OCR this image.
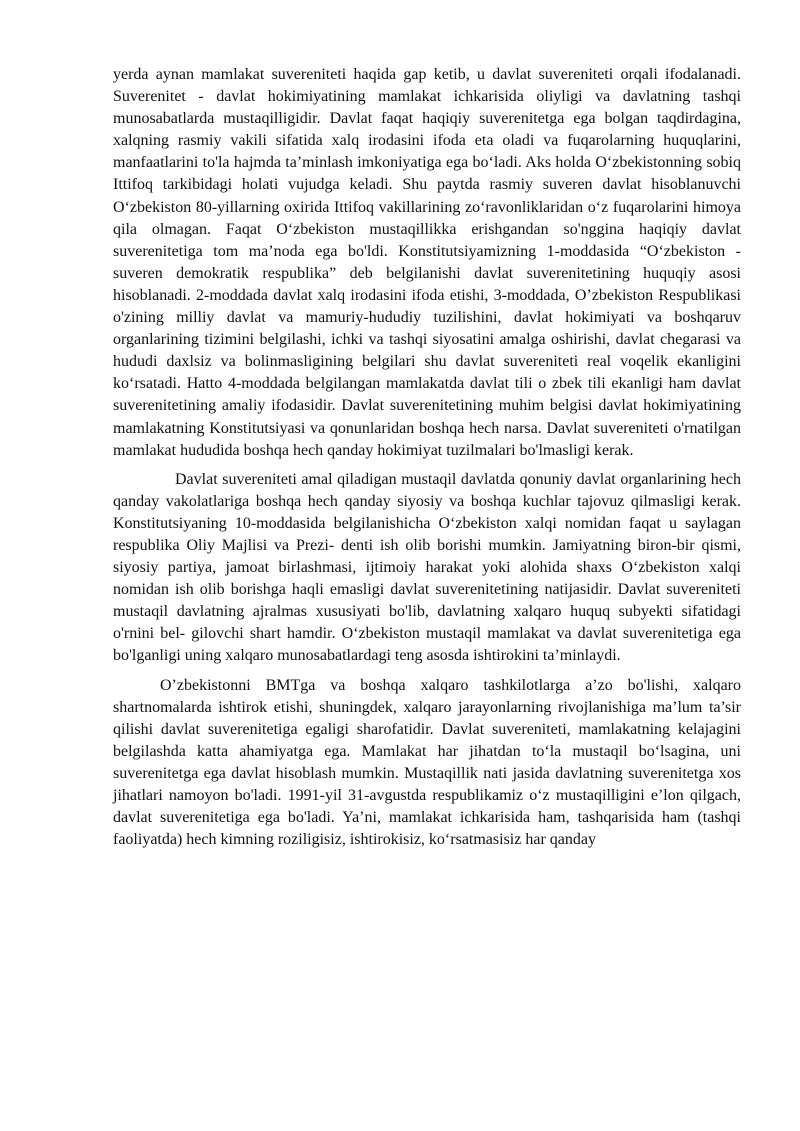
yerda aynan mamlakat suvereniteti haqida gap ketib, u davlat suvereniteti orqali ifodalanadi. Suverenitet - davlat hokimiyatining mamlakat ichkarisida oliyligi va davlatning tashqi munosabatlarda mustaqilligidir. Davlat faqat haqiqiy suverenitetga ega bolgan taqdirdagina, xalqning rasmiy vakili sifatida xalq irodasini ifoda eta oladi va fuqarolarning huquqlarini, manfaatlarini to'la hajmda ta’minlash imkoniyatiga ega bo‘ladi. Aks holda O‘zbekistonning sobiq Ittifoq tarkibidagi holati vujudga keladi. Shu paytda rasmiy suveren davlat hisoblanuvchi O‘zbekiston 80-yillarning oxirida Ittifoq vakillarining zo‘ravonliklaridan o‘z fuqarolarini himoya qila olmagan. Faqat O‘zbekiston mustaqillikka erishgandan so'nggina haqiqiy davlat suverenitetiga tom ma’noda ega bo'ldi. Konstitutsiyamizning 1-moddasida “O‘zbekiston - suveren demokratik respublika” deb belgilanishi davlat suverenitetining huquqiy asosi hisoblanadi. 2-moddada davlat xalq irodasini ifoda etishi, 3-moddada, O’zbekiston Respublikasi o'zining milliy davlat va mamuriy-hududiy tuzilishini, davlat hokimiyati va boshqaruv organlarining tizimini belgilashi, ichki va tashqi siyosatini amalga oshirishi, davlat chegarasi va hududi daxlsiz va bolinmasligining belgilari shu davlat suvereniteti real voqelik ekanligini ko‘rsatadi. Hatto 4-moddada belgilangan mamlakatda davlat tili o zbek tili ekanligi ham davlat suverenitetining amaliy ifodasidir. Davlat suverenitetining muhim belgisi davlat hokimiyatining mamlakatning Konstitutsiyasi va qonunlaridan boshqa hech narsa. Davlat suvereniteti o'rnatilgan mamlakat hududida boshqa hech qanday hokimiyat tuzilmalari bo'lmasligi kerak.

Davlat suvereniteti amal qiladigan mustaqil davlatda qonuniy davlat organlarining hech qanday vakolatlariga boshqa hech qanday siyosiy va boshqa kuchlar tajovuz qilmasligi kerak. Konstitutsiyaning 10-moddasida belgilanishicha O‘zbekiston xalqi nomidan faqat u saylagan respublika Oliy Majlisi va Prezi- denti ish olib borishi mumkin. Jamiyatning biron-bir qismi, siyosiy partiya, jamoat birlashmasi, ijtimoiy harakat yoki alohida shaxs O‘zbekiston xalqi nomidan ish olib borishga haqli emasligi davlat suverenitetining natijasidir. Davlat suvereniteti mustaqil davlatning ajralmas xususiyati bo'lib, davlatning xalqaro huquq subyekti sifatidagi o'rnini bel- gilovchi shart hamdir. O‘zbekiston mustaqil mamlakat va davlat suverenitetiga ega bo'lganligi uning xalqaro munosabatlardagi teng asosda ishtirokini ta’minlaydi.

O’zbekistonni BMTga va boshqa xalqaro tashkilotlarga a’zo bo'lishi, xalqaro shartnomalarda ishtirok etishi, shuningdek, xalqaro jarayonlarning rivojlanishiga ma’lum ta’sir qilishi davlat suverenitetiga egaligi sharofatidir. Davlat suvereniteti, mamlakatning kelajagini belgilashda katta ahamiyatga ega. Mamlakat har jihatdan to‘la mustaqil bo‘lsagina, uni suverenitetga ega davlat hisoblash mumkin. Mustaqillik nati jasida davlatning suverenitetga xos jihatlari namoyon bo'ladi. 1991-yil 31-avgustda respublikamiz o‘z mustaqilligini e’lon qilgach, davlat suverenitetiga ega bo'ladi. Ya’ni, mamlakat ichkarisida ham, tashqarisida ham (tashqi faoliyatda) hech kimning roziligisiz, ishtirokisiz, ko‘rsatmasisiz har qanday
